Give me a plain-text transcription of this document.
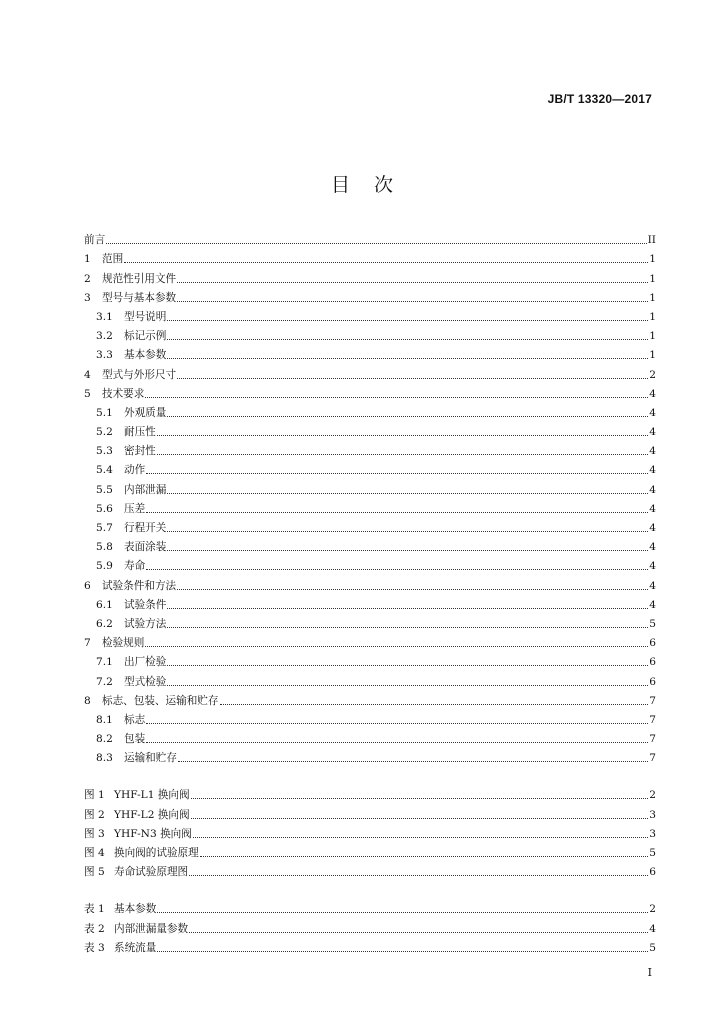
JB/T 13320—2017
目次
前言	II
1	范围	1
2	规范性引用文件	1
3	型号与基本参数	1
3.1	型号说明	1
3.2	标记示例	1
3.3	基本参数	1
4	型式与外形尺寸	2
5	技术要求	4
5.1	外观质量	4
5.2	耐压性	4
5.3	密封性	4
5.4	动作	4
5.5	内部泄漏	4
5.6	压差	4
5.7	行程开关	4
5.8	表面涂装	4
5.9	寿命	4
6	试验条件和方法	4
6.1	试验条件	4
6.2	试验方法	5
7	检验规则	6
7.1	出厂检验	6
7.2	型式检验	6
8	标志、包装、运输和贮存	7
8.1	标志	7
8.2	包装	7
8.3	运输和贮存	7
图 1 YHF-L1 换向阀	2
图 2 YHF-L2 换向阀	3
图 3 YHF-N3 换向阀	3
图 4 换向阀的试验原理	5
图 5 寿命试验原理图	6
表 1 基本参数	2
表 2 内部泄漏量参数	4
表 3 系统流量	5
I
